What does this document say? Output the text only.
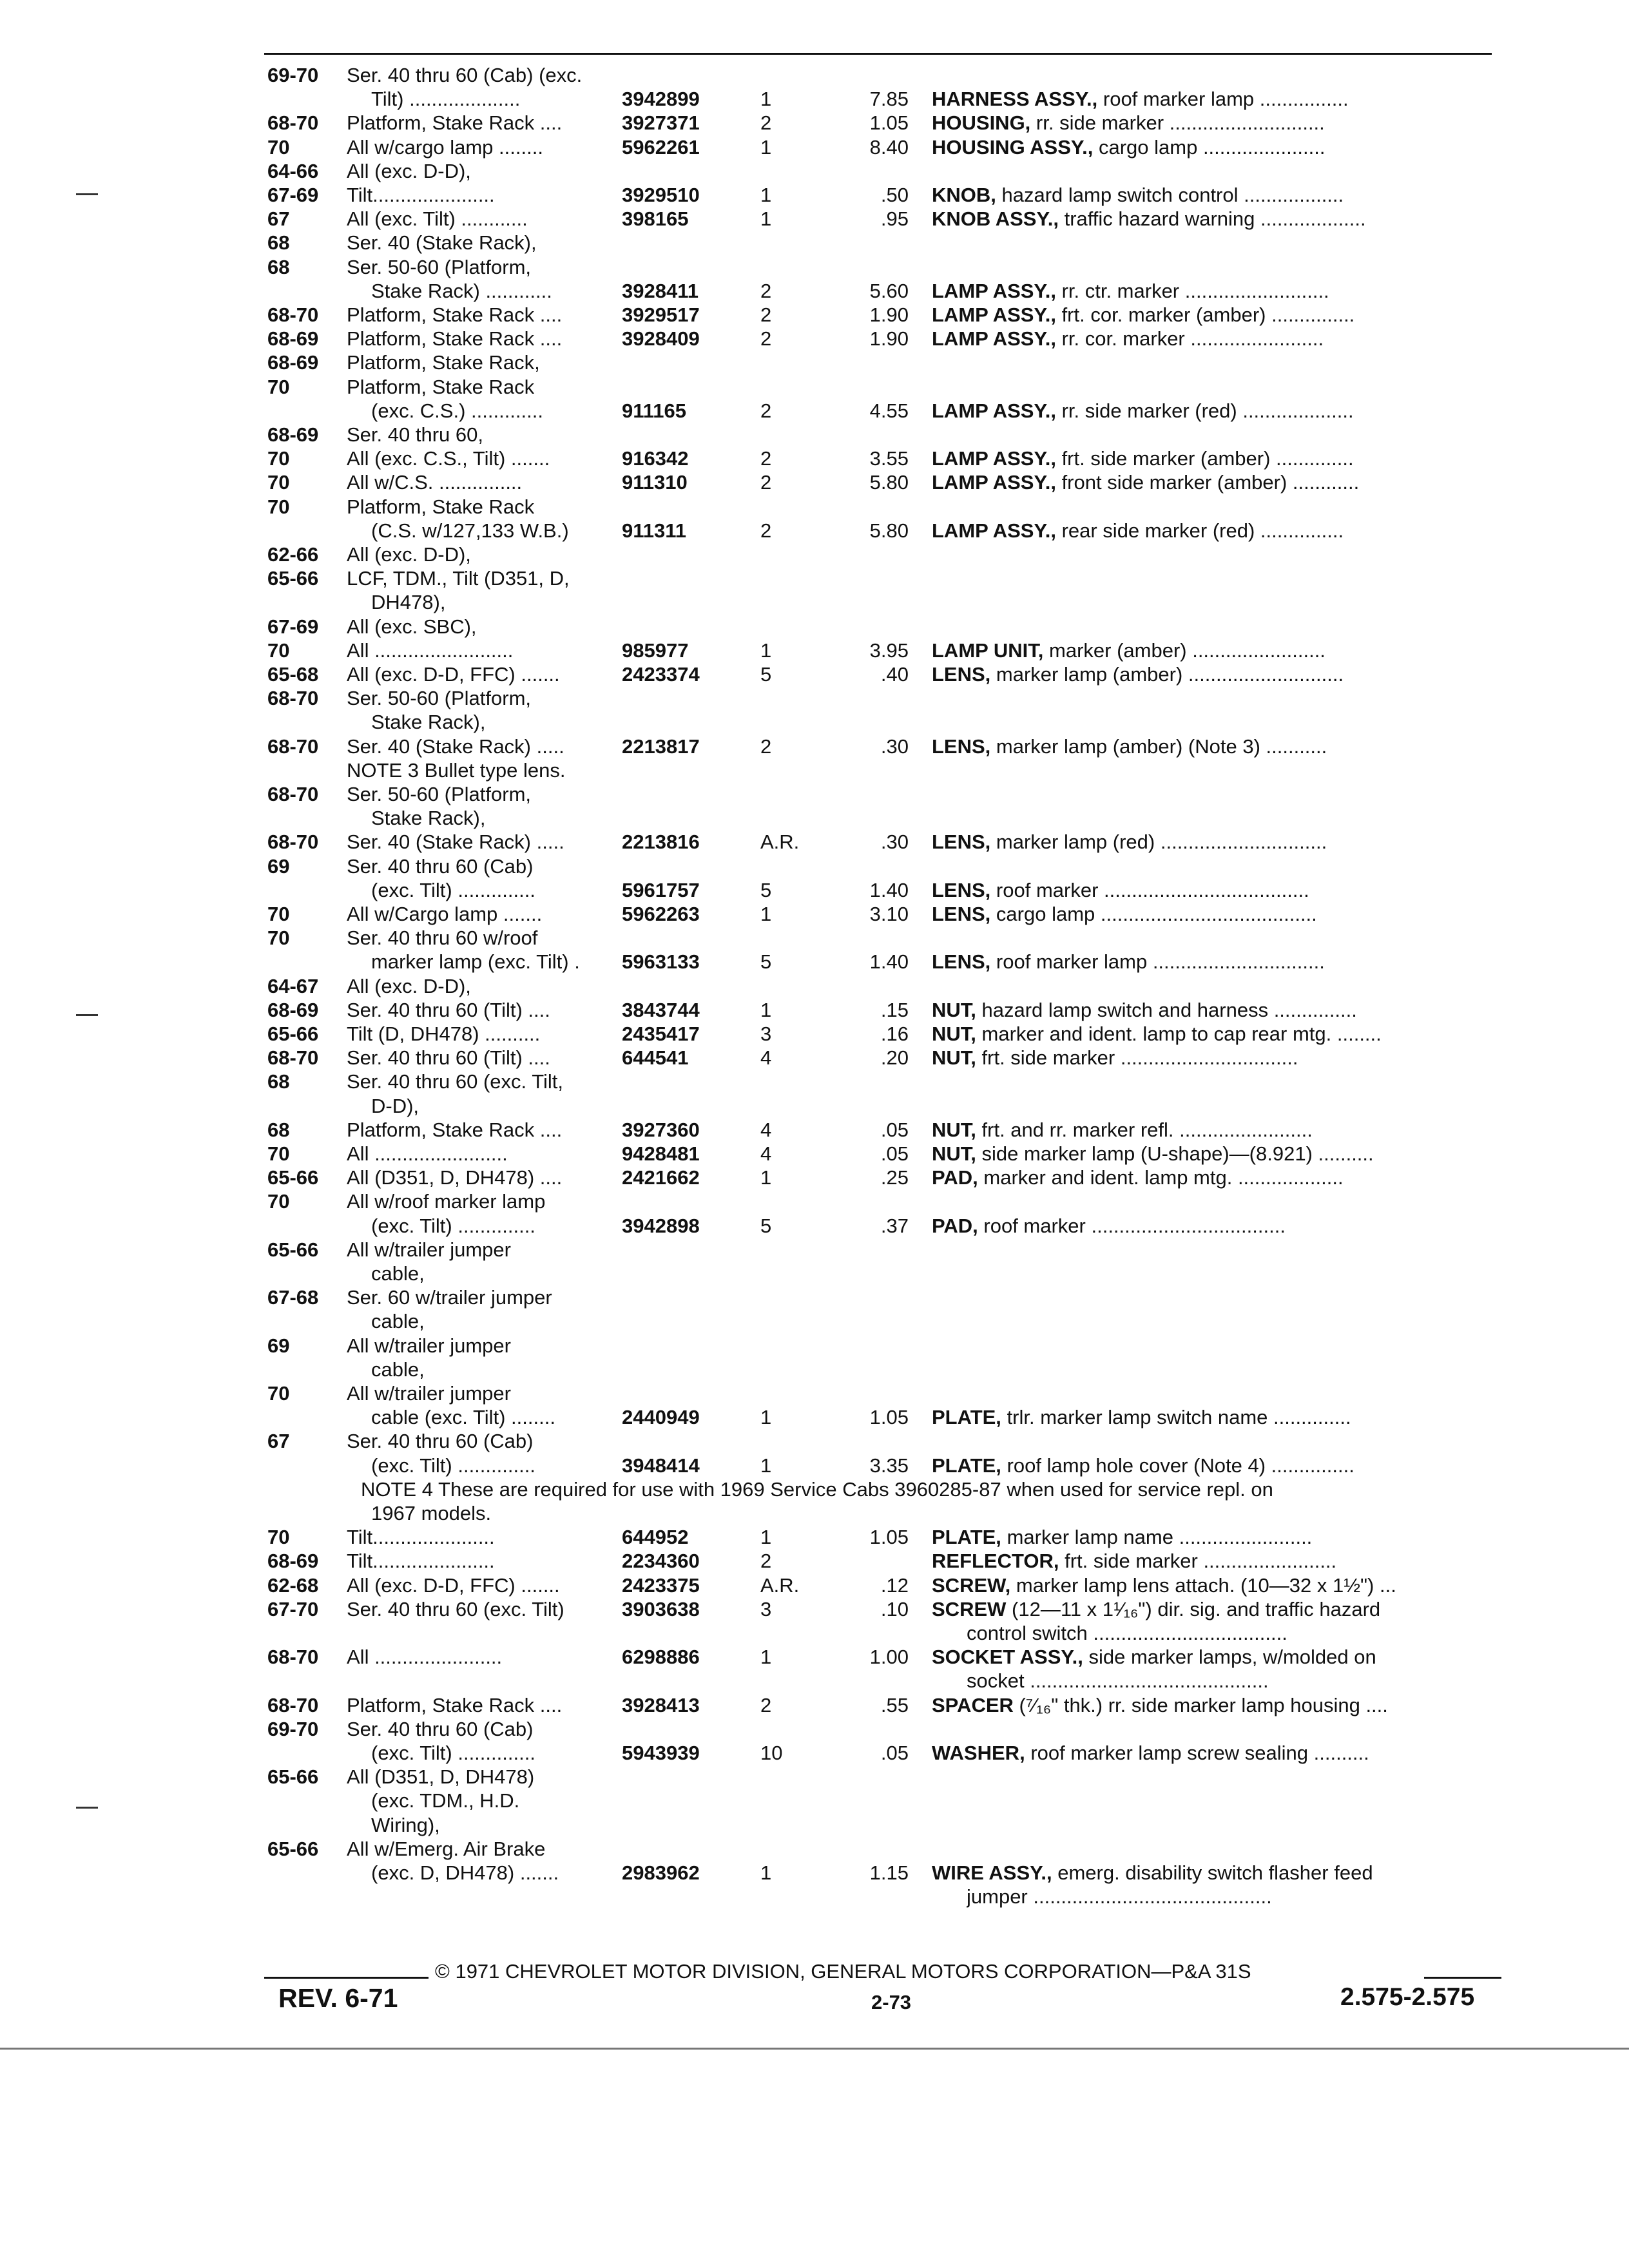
69-70	Ser. 40 thru 60 (Cab) (exc.
Tilt) ....................	3942899	1	7.85 HARNESS ASSY., roof marker lamp ................
68-70	Platform, Stake Rack ....	3927371	2	1.05 HOUSING, rr. side marker ............................
70	All w/cargo lamp ........	5962261	1	8.40 HOUSING ASSY., cargo lamp ......................
64-66	All (exc. D-D),
67-69	Tilt......................	3929510	1	.50 KNOB, hazard lamp switch control ..................
67	All (exc. Tilt) ............	398165	1	.95 KNOB ASSY., traffic hazard warning ...................
68	Ser. 40 (Stake Rack),
68	Ser. 50-60 (Platform,
Stake Rack) ............	3928411	2	5.60 LAMP ASSY., rr. ctr. marker ..........................
68-70	Platform, Stake Rack ....	3929517	2	1.90 LAMP ASSY., frt. cor. marker (amber) ...............
68-69	Platform, Stake Rack ....	3928409	2	1.90 LAMP ASSY., rr. cor. marker ........................
68-69	Platform, Stake Rack,
70	Platform, Stake Rack
(exc. C.S.) .............	911165	2	4.55 LAMP ASSY., rr. side marker (red) ....................
68-69	Ser. 40 thru 60,
70	All (exc. C.S., Tilt) .......	916342	2	3.55 LAMP ASSY., frt. side marker (amber) ..............
70	All w/C.S. ...............	911310	2	5.80 LAMP ASSY., front side marker (amber) ............
70	Platform, Stake Rack
(C.S. w/127,133 W.B.)	911311	2	5.80 LAMP ASSY., rear side marker (red) ...............
62-66	All (exc. D-D),
65-66	LCF, TDM., Tilt (D351, D,
DH478),
67-69	All (exc. SBC),
70	All .........................	985977	1	3.95 LAMP UNIT, marker (amber) ........................
65-68	All (exc. D-D, FFC) .......	2423374	5	.40 LENS, marker lamp (amber) ............................
68-70	Ser. 50-60 (Platform,
Stake Rack),
68-70	Ser. 40 (Stake Rack) .....	2213817	2	.30 LENS, marker lamp (amber) (Note 3) ...........
NOTE 3 Bullet type lens.
68-70	Ser. 50-60 (Platform,
Stake Rack),
68-70	Ser. 40 (Stake Rack) .....	2213816	A.R.	.30 LENS, marker lamp (red) ..............................
69	Ser. 40 thru 60 (Cab)
(exc. Tilt) ..............	5961757	5	1.40 LENS, roof marker .....................................
70	All w/Cargo lamp .......	5962263	1	3.10 LENS, cargo lamp .......................................
70	Ser. 40 thru 60 w/roof
marker lamp (exc. Tilt) .	5963133	5	1.40 LENS, roof marker lamp ...............................
64-67	All (exc. D-D),
68-69	Ser. 40 thru 60 (Tilt) ....	3843744	1	.15 NUT, hazard lamp switch and harness ...............
65-66	Tilt (D, DH478) ..........	2435417	3	.16 NUT, marker and ident. lamp to cap rear mtg. ........
68-70	Ser. 40 thru 60 (Tilt) ....	644541	4	.20 NUT, frt. side marker ................................
68	Ser. 40 thru 60 (exc. Tilt,
D-D),
68	Platform, Stake Rack ....	3927360	4	.05 NUT, frt. and rr. marker refl. ........................
70	All ........................	9428481	4	.05 NUT, side marker lamp (U-shape)—(8.921) ..........
65-66	All (D351, D, DH478) ....	2421662	1	.25 PAD, marker and ident. lamp mtg. ...................
70	All w/roof marker lamp
(exc. Tilt) ..............	3942898	5	.37 PAD, roof marker ...................................
65-66	All w/trailer jumper
cable,
67-68	Ser. 60 w/trailer jumper
cable,
69	All w/trailer jumper
cable,
70	All w/trailer jumper
cable (exc. Tilt) ........	2440949	1	1.05 PLATE, trlr. marker lamp switch name ..............
67	Ser. 40 thru 60 (Cab)
(exc. Tilt) ..............	3948414	1	3.35 PLATE, roof lamp hole cover (Note 4) ...............
NOTE 4 These are required for use with 1969 Service Cabs 3960285-87 when used for service repl. on
1967 models.
70	Tilt......................	644952	1	1.05 PLATE, marker lamp name ........................
68-69	Tilt......................	2234360	2	REFLECTOR, frt. side marker ........................
62-68	All (exc. D-D, FFC) .......	2423375	A.R.	.12 SCREW, marker lamp lens attach. (10—32 x 1½") ...
67-70	Ser. 40 thru 60 (exc. Tilt)	3903638	3	.10 SCREW (12—11 x 1¹⁄₁₆") dir. sig. and traffic hazard
control switch ...................................
68-70	All .......................	6298886	1	1.00 SOCKET ASSY., side marker lamps, w/molded on
socket ...........................................
68-70	Platform, Stake Rack ....	3928413	2	.55 SPACER (⁷⁄₁₆" thk.) rr. side marker lamp housing ....
69-70	Ser. 40 thru 60 (Cab)
(exc. Tilt) ..............	5943939	10	.05 WASHER, roof marker lamp screw sealing ..........
65-66	All (D351, D, DH478)
(exc. TDM., H.D.
Wiring),
65-66	All w/Emerg. Air Brake
(exc. D, DH478) .......	2983962	1	1.15 WIRE ASSY., emerg. disability switch flasher feed
jumper ...........................................
© 1971 CHEVROLET MOTOR DIVISION, GENERAL MOTORS CORPORATION—P&A 31S
REV. 6-71	2-73	2.575-2.575
